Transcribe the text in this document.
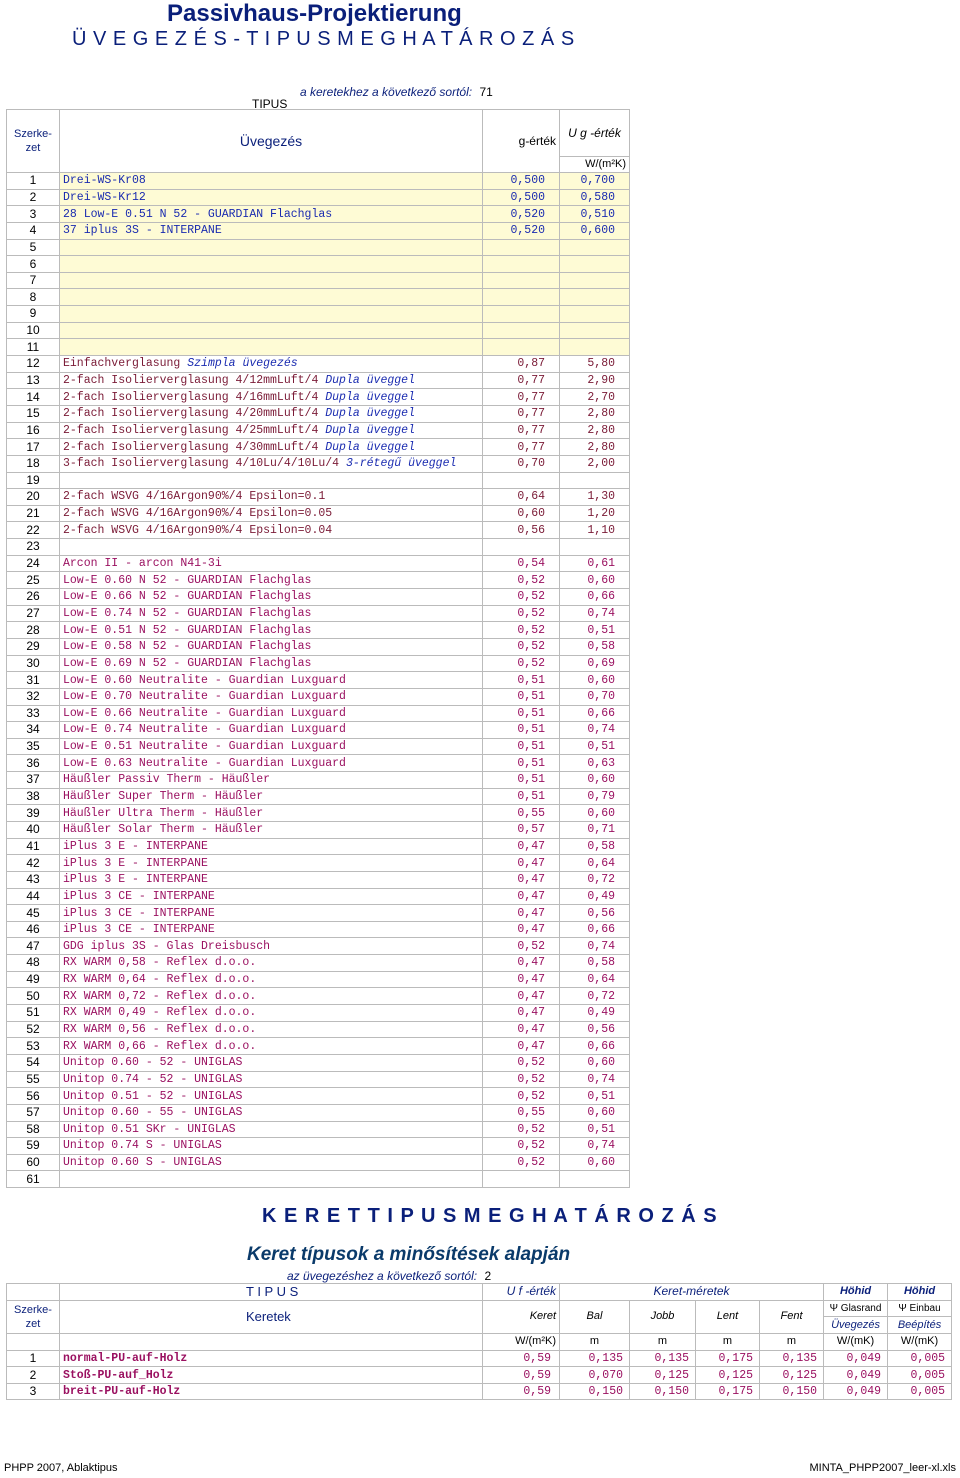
Passivhaus-Projektierung
Ü V E G E Z É S - T I P U S M E G H A T Á R O Z Á S
a keretekhez a következő sortól: 71
TIPUS
Szerke-zet	Üvegezés	g-érték	U g -érték
			W/(m²K)
1	Drei-WS-Kr08	0,500	0,700
2	Drei-WS-Kr12	0,500	0,580
3	28 Low-E 0.51 N 52 - GUARDIAN Flachglas	0,520	0,510
4	37 iplus 3S - INTERPANE	0,520	0,600
5			
6			
7			
8			
9			
10			
11			
12	Einfachverglasung Szimpla üvegezés	0,87	5,80
13	2-fach Isolierverglasung 4/12mmLuft/4 Dupla üveggel	0,77	2,90
14	2-fach Isolierverglasung 4/16mmLuft/4 Dupla üveggel	0,77	2,70
15	2-fach Isolierverglasung 4/20mmLuft/4 Dupla üveggel	0,77	2,80
16	2-fach Isolierverglasung 4/25mmLuft/4 Dupla üveggel	0,77	2,80
17	2-fach Isolierverglasung 4/30mmLuft/4 Dupla üveggel	0,77	2,80
18	3-fach Isolierverglasung 4/10Lu/4/10Lu/4 3-rétegű üveggel	0,70	2,00
19			
20	2-fach WSVG 4/16Argon90%/4 Epsilon=0.1	0,64	1,30
21	2-fach WSVG 4/16Argon90%/4 Epsilon=0.05	0,60	1,20
22	2-fach WSVG 4/16Argon90%/4 Epsilon=0.04	0,56	1,10
23			
24	Arcon II - arcon N41-3i	0,54	0,61
25	Low-E 0.60 N 52 - GUARDIAN Flachglas	0,52	0,60
26	Low-E 0.66 N 52 - GUARDIAN Flachglas	0,52	0,66
27	Low-E 0.74 N 52 - GUARDIAN Flachglas	0,52	0,74
28	Low-E 0.51 N 52 - GUARDIAN Flachglas	0,52	0,51
29	Low-E 0.58 N 52 - GUARDIAN Flachglas	0,52	0,58
30	Low-E 0.69 N 52 - GUARDIAN Flachglas	0,52	0,69
31	Low-E 0.60 Neutralite - Guardian Luxguard	0,51	0,60
32	Low-E 0.70 Neutralite - Guardian Luxguard	0,51	0,70
33	Low-E 0.66 Neutralite - Guardian Luxguard	0,51	0,66
34	Low-E 0.74 Neutralite - Guardian Luxguard	0,51	0,74
35	Low-E 0.51 Neutralite - Guardian Luxguard	0,51	0,51
36	Low-E 0.63 Neutralite - Guardian Luxguard	0,51	0,63
37	Häußler Passiv Therm - Häußler	0,51	0,60
38	Häußler Super Therm - Häußler	0,51	0,79
39	Häußler Ultra Therm - Häußler	0,55	0,60
40	Häußler Solar Therm - Häußler	0,57	0,71
41	iPlus 3 E - INTERPANE	0,47	0,58
42	iPlus 3 E - INTERPANE	0,47	0,64
43	iPlus 3 E - INTERPANE	0,47	0,72
44	iPlus 3 CE - INTERPANE	0,47	0,49
45	iPlus 3 CE - INTERPANE	0,47	0,56
46	iPlus 3 CE - INTERPANE	0,47	0,66
47	GDG iplus 3S - Glas Dreisbusch	0,52	0,74
48	RX WARM 0,58 - Reflex d.o.o.	0,47	0,58
49	RX WARM 0,64 - Reflex d.o.o.	0,47	0,64
50	RX WARM 0,72 - Reflex d.o.o.	0,47	0,72
51	RX WARM 0,49 - Reflex d.o.o.	0,47	0,49
52	RX WARM 0,56 - Reflex d.o.o.	0,47	0,56
53	RX WARM 0,66 - Reflex d.o.o.	0,47	0,66
54	Unitop 0.60 - 52 - UNIGLAS	0,52	0,60
55	Unitop 0.74 - 52 - UNIGLAS	0,52	0,74
56	Unitop 0.51 - 52 - UNIGLAS	0,52	0,51
57	Unitop 0.60 - 55 - UNIGLAS	0,55	0,60
58	Unitop 0.51 SKr - UNIGLAS	0,52	0,51
59	Unitop 0.74 S - UNIGLAS	0,52	0,74
60	Unitop 0.60 S - UNIGLAS	0,52	0,60
61			
K E R E T T I P U S M E G H A T Á R O Z Á S
Keret típusok a minősítések alapján
az üvegezéshez a következő sortól: 2
	T I P U S	U f -érték	Keret-méretek				Höhid	Höhid
Szerke-zet	Keretek	Keret	Bal	Jobb	Lent	Fent	Ψ Glasrand	Ψ Einbau
							Üvegezés	Beépítés
		W/(m²K)	m	m	m	m	W/(mK)	W/(mK)
1	normal-PU-auf-Holz	0,59	0,135	0,135	0,175	0,135	0,049	0,005
2	Stoß-PU-auf_Holz	0,59	0,070	0,125	0,125	0,125	0,049	0,005
3	breit-PU-auf-Holz	0,59	0,150	0,150	0,175	0,150	0,049	0,005
PHPP 2007, Ablaktipus	MINTA_PHPP2007_leer-xl.xls
